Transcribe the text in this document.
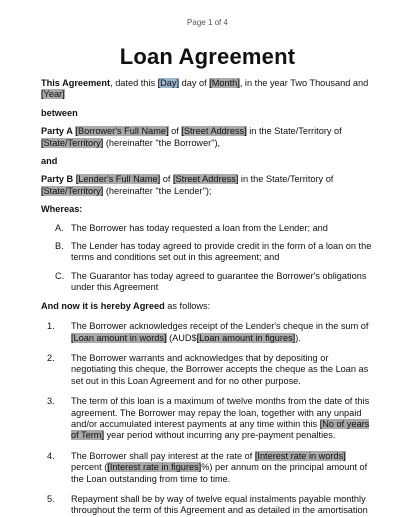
Page 1 of 4
Loan Agreement

This Agreement, dated this [Day] day of [Month], in the year Two Thousand and [Year]

between

Party A [Borrower's Full Name] of [Street Address] in the State/Territory of [State/Territory] (hereinafter "the Borrower"),

and

Party B [Lender's Full Name] of [Street Address] in the State/Territory of [State/Territory] (hereinafter "the Lender");

Whereas:

A. The Borrower has today requested a loan from the Lender; and
B. The Lender has today agreed to provide credit in the form of a loan on the terms and conditions set out in this agreement; and
C. The Guarantor has today agreed to guarantee the Borrower's obligations under this Agreement

And now it is hereby Agreed as follows:

1. The Borrower acknowledges receipt of the Lender's cheque in the sum of [Loan amount in words] (AUD$[Loan amount in figures]).
2. The Borrower warrants and acknowledges that by depositing or negotiating this cheque, the Borrower accepts the cheque as the Loan as set out in this Loan Agreement and for no other purpose.
3. The term of this loan is a maximum of twelve months from the date of this agreement. The Borrower may repay the loan, together with any unpaid and/or accumulated interest payments at any time within this [No of years of Term] year period without incurring any pre-payment penalties.
4. The Borrower shall pay interest at the rate of [Interest rate in words] percent ([Interest rate in figures]%) per annum on the principal amount of the Loan outstanding from time to time.
5. Repayment shall be by way of twelve equal instalments payable monthly throughout the term of this Agreement and as detailed in the amortisation
